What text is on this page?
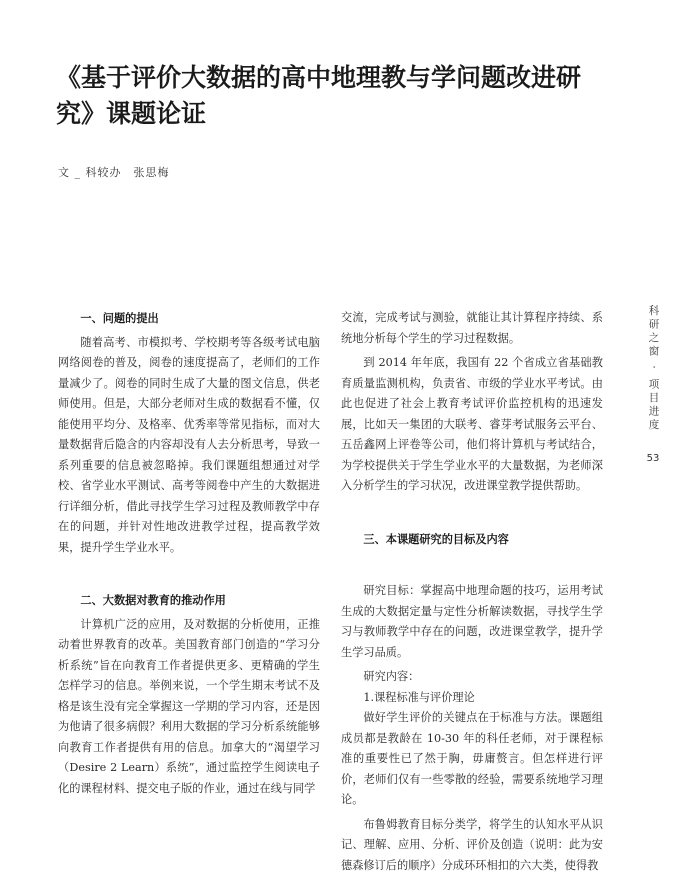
《基于评价大数据的高中地理教与学问题改进研
究》课题论证
文 _ 科较办　张思梅
一、问题的提出

随着高考、市模拟考、学校期考等各级考试电脑网络阅卷的普及，阅卷的速度提高了，老师们的工作量减少了。阅卷的同时生成了大量的图文信息，供老师使用。但是，大部分老师对生成的数据看不懂，仅能使用平均分、及格率、优秀率等常见指标，而对大量数据背后隐含的内容却没有人去分析思考，导致一系列重要的信息被忽略掉。我们课题组想通过对学校、省学业水平测试、高考等阅卷中产生的大数据进行详细分析，借此寻找学生学习过程及教师教学中存在的问题，并针对性地改进教学过程，提高教学效果，提升学生学业水平。

二、大数据对教育的推动作用

计算机广泛的应用，及对数据的分析使用，正推动着世界教育的改革。美国教育部门创造的“学习分析系统”旨在向教育工作者提供更多、更精确的学生怎样学习的信息。举例来说，一个学生期末考试不及格是该生没有完全掌握这一学期的学习内容，还是因为他请了很多病假？利用大数据的学习分析系统能够向教育工作者提供有用的信息。加拿大的“渴望学习（Desire 2 Learn）系统”，通过监控学生阅读电子化的课程材料、提交电子版的作业，通过在线与同学

交流，完成考试与测验，就能让其计算程序持续、系统地分析每个学生的学习过程数据。

到 2014 年年底，我国有 22 个省成立省基础教育质量监测机构，负责省、市级的学业水平考试。由此也促进了社会上教育考试评价监控机构的迅速发展，比如天一集团的大联考、睿芽考试服务云平台、五岳鑫网上评卷等公司，他们将计算机与考试结合，为学校提供关于学生学业水平的大量数据，为老师深入分析学生的学习状况，改进课堂教学提供帮助。

三、本课题研究的目标及内容

研究目标：掌握高中地理命题的技巧，运用考试生成的大数据定量与定性分析解读数据，寻找学生学习与教师教学中存在的问题，改进课堂教学，提升学生学习品质。

研究内容：

1.课程标准与评价理论

做好学生评价的关键点在于标准与方法。课题组成员都是教龄在 10-30 年的科任老师，对于课程标准的重要性已了然于胸，毋庸赘言。但怎样进行评价，老师们仅有一些零散的经验，需要系统地学习理论。

布鲁姆教育目标分类学，将学生的认知水平从识记、理解、应用、分析、评价及创造（说明：此为安德森修订后的顺序）分成环环相扣的六大类，使得教

科研之窗 · 项目进度
53
